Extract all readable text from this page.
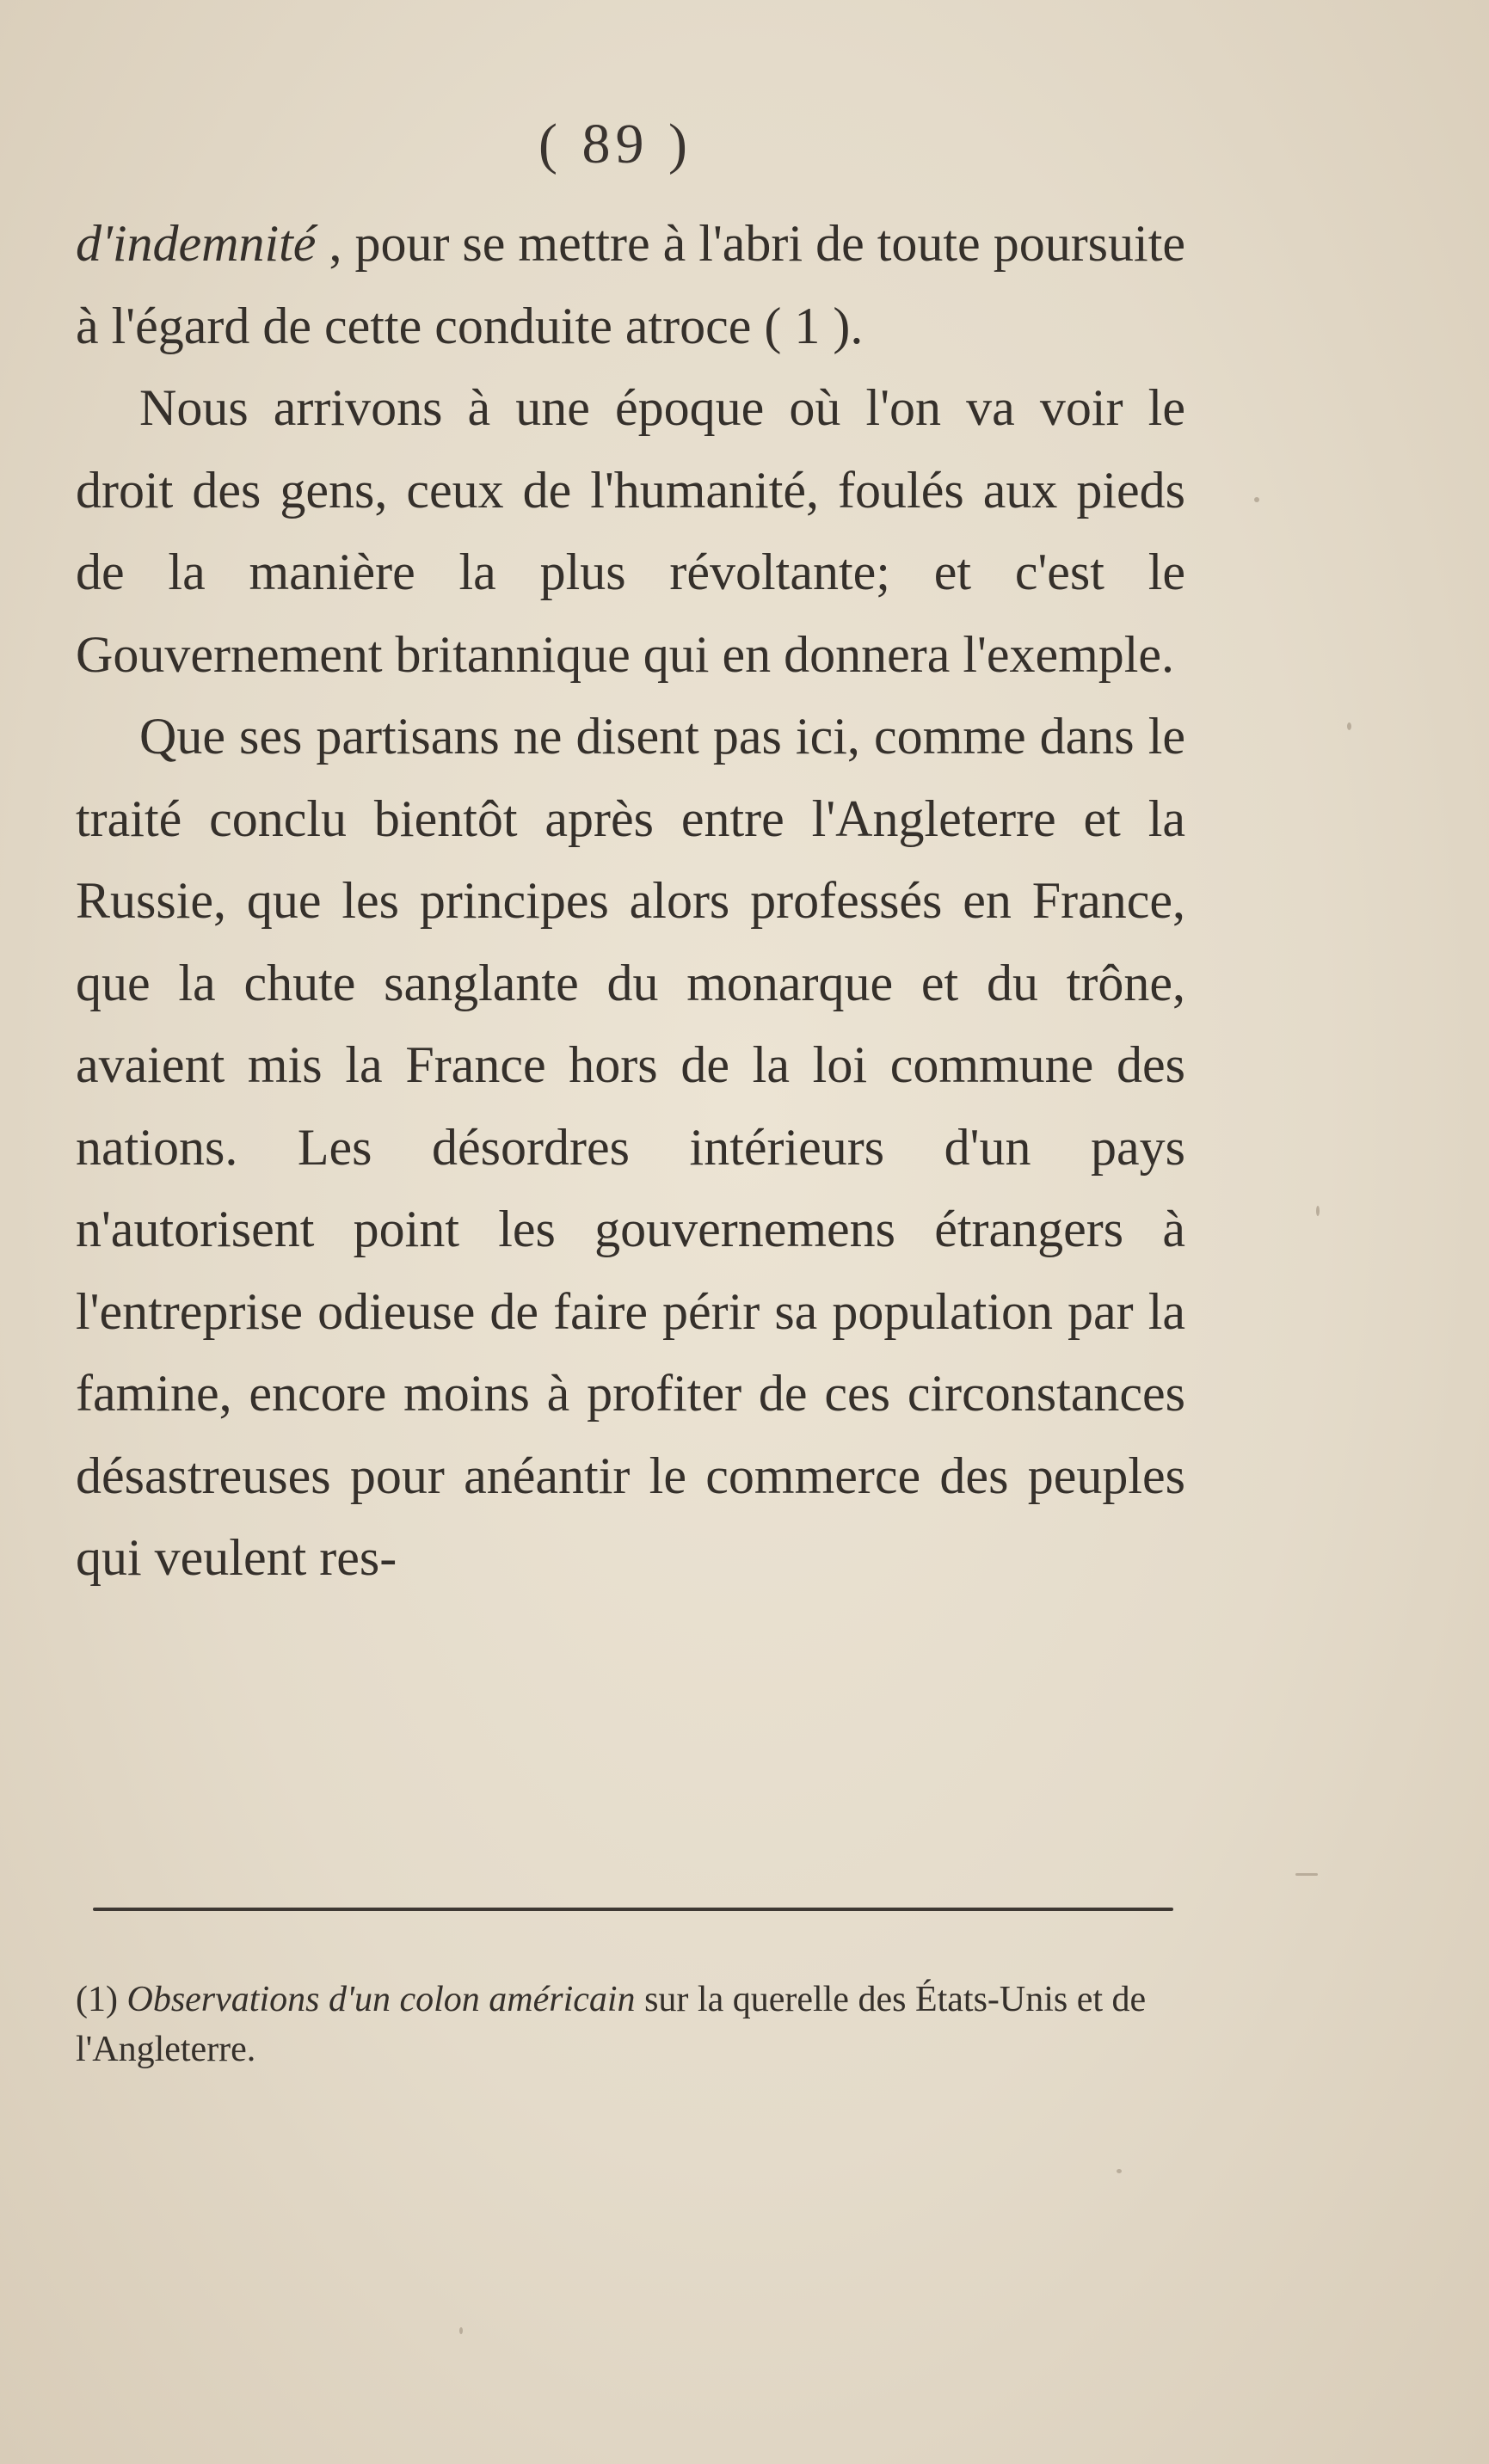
( 89 )

d'indemnité , pour se mettre à l'abri de toute poursuite à l'égard de cette conduite atroce ( 1 ).

Nous arrivons à une époque où l'on va voir le droit des gens, ceux de l'humanité, foulés aux pieds de la manière la plus révoltante; et c'est le Gouvernement britannique qui en donnera l'exemple.

Que ses partisans ne disent pas ici, comme dans le traité conclu bientôt après entre l'Angleterre et la Russie, que les principes alors professés en France, que la chute sanglante du monarque et du trône, avaient mis la France hors de la loi commune des nations. Les désordres intérieurs d'un pays n'autorisent point les gouvernemens étrangers à l'entreprise odieuse de faire périr sa population par la famine, encore moins à profiter de ces circonstances désastreuses pour anéantir le commerce des peuples qui veulent res-

(1) Observations d'un colon américain sur la querelle des États-Unis et de l'Angleterre.
